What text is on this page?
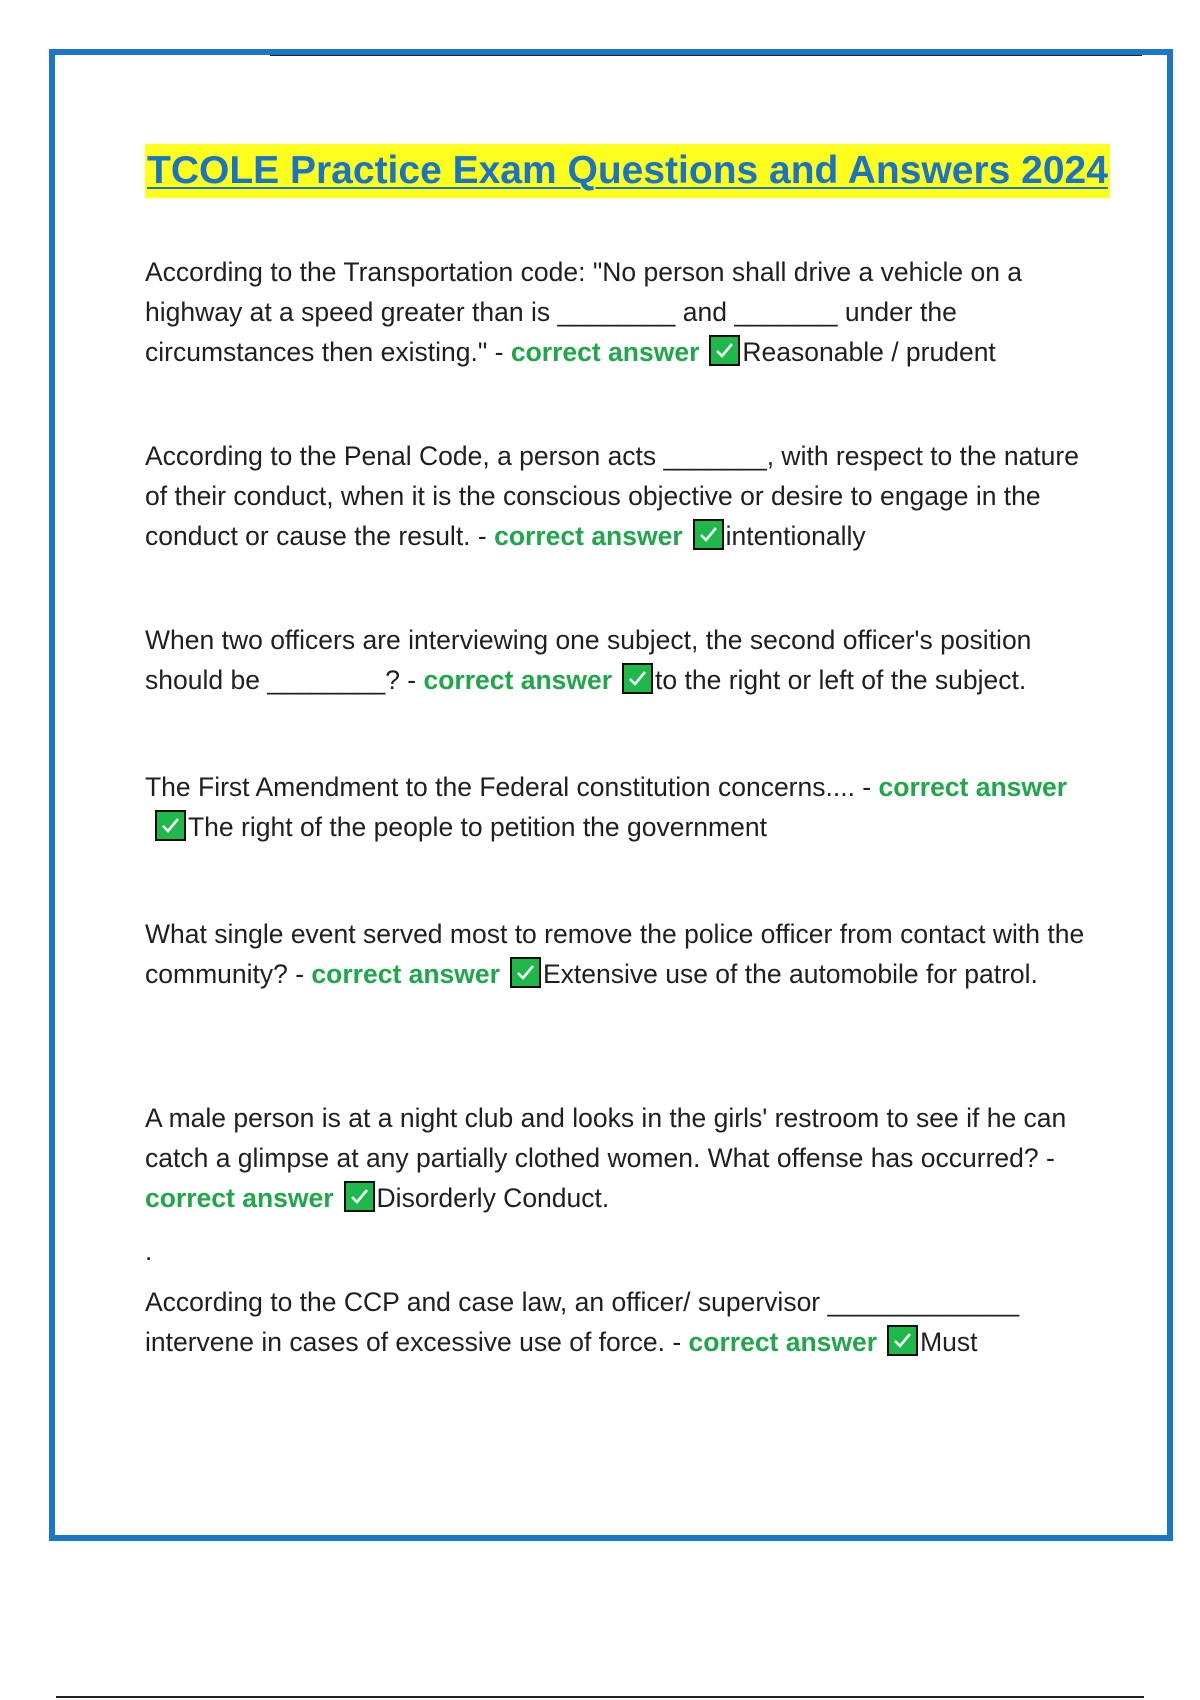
TCOLE Practice Exam Questions and Answers 2024

According to the Transportation code: "No person shall drive a vehicle on a highway at a speed greater than is ________ and _______ under the circumstances then existing." - correct answer Reasonable / prudent

According to the Penal Code, a person acts _______, with respect to the nature of their conduct, when it is the conscious objective or desire to engage in the conduct or cause the result. - correct answer intentionally

When two officers are interviewing one subject, the second officer's position should be ________? - correct answer to the right or left of the subject.

The First Amendment to the Federal constitution concerns.... - correct answer
The right of the people to petition the government

What single event served most to remove the police officer from contact with the community? - correct answer Extensive use of the automobile for patrol.

A male person is at a night club and looks in the girls' restroom to see if he can catch a glimpse at any partially clothed women. What offense has occurred? - correct answer Disorderly Conduct.

.

According to the CCP and case law, an officer/ supervisor _____________ intervene in cases of excessive use of force. - correct answer Must
